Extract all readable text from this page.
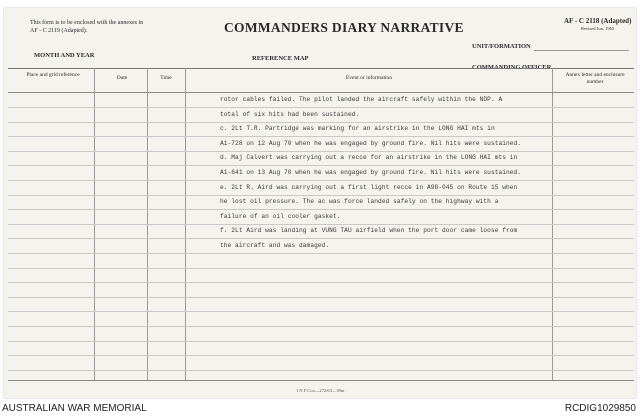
This form is to be enclosed with the annexes in AF - C 2119 (Adapted).	COMMANDERS DIARY NARRATIVE	AF - C 2118 (Adapted)
Revised Jun, 1965
MONTH AND YEAR	REFERENCE MAP
UNIT/FORMATION
Place and grid reference	Date	Time	Event or information	Annex letter and enclosure number
rotor cables failed. The pilot landed the aircraft safely within the NDP. A
total of six hits had been sustained.
c. 2Lt T.R. Partridge was marking for an airstrike in the LONG HAI mts in
A1-728 on 12 Aug 70 when he was engaged by ground fire. Nil hits were sustained.
d. Maj Calvert was carrying out a recce for an airstrike in the LONG HAI mts in
A1-641 on 13 Aug 70 when he was engaged by ground fire. Nil hits were sustained.
e. 2Lt R. Aird was carrying out a first light recce in A98-045 on Route 15 when
he lost oil pressure. The ac was force landed safely on the highway with a
failure of an oil cooler gasket.
f. 2Lt Aird was landing at VUNG TAU airfield when the port door came loose from
the aircraft and was damaged.
1 N F Coo—272/63—39m
AUSTRALIAN WAR MEMORIAL	RCDIG1029850
